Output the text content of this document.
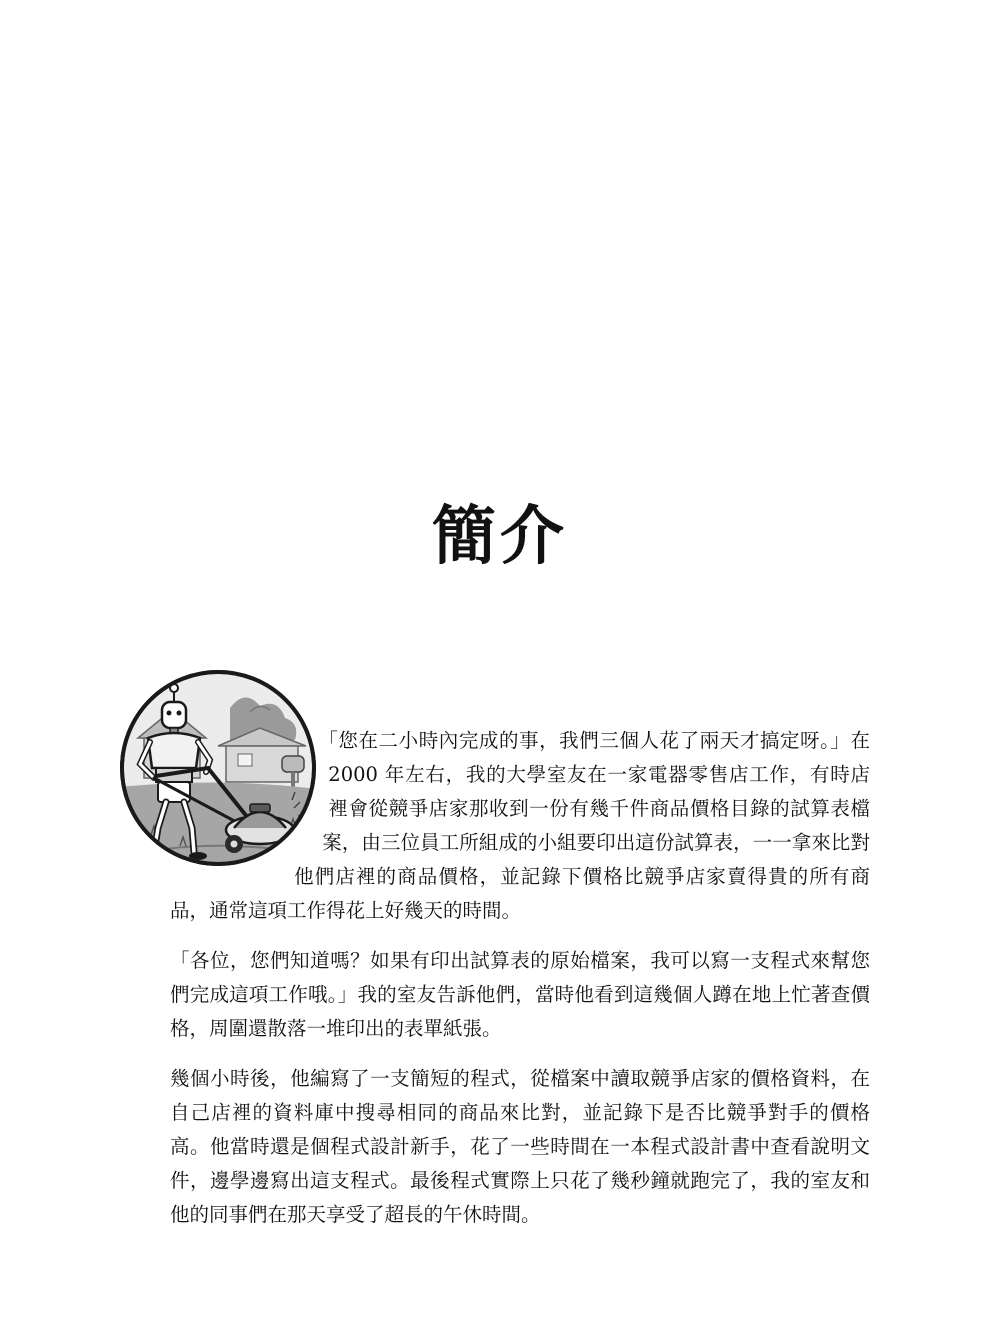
簡介

「您在二小時內完成的事，我們三個人花了兩天才搞定呀。」在 2000 年左右，我的大學室友在一家電器零售店工作，有時店裡會從競爭店家那收到一份有幾千件商品價格目錄的試算表檔案，由三位員工所組成的小組要印出這份試算表，一一拿來比對他們店裡的商品價格，並記錄下價格比競爭店家賣得貴的所有商品，通常這項工作得花上好幾天的時間。

「各位，您們知道嗎？如果有印出試算表的原始檔案，我可以寫一支程式來幫您們完成這項工作哦。」我的室友告訴他們，當時他看到這幾個人蹲在地上忙著查價格，周圍還散落一堆印出的表單紙張。

幾個小時後，他編寫了一支簡短的程式，從檔案中讀取競爭店家的價格資料，在自己店裡的資料庫中搜尋相同的商品來比對，並記錄下是否比競爭對手的價格高。他當時還是個程式設計新手，花了一些時間在一本程式設計書中查看說明文件，邊學邊寫出這支程式。最後程式實際上只花了幾秒鐘就跑完了，我的室友和他的同事們在那天享受了超長的午休時間。
